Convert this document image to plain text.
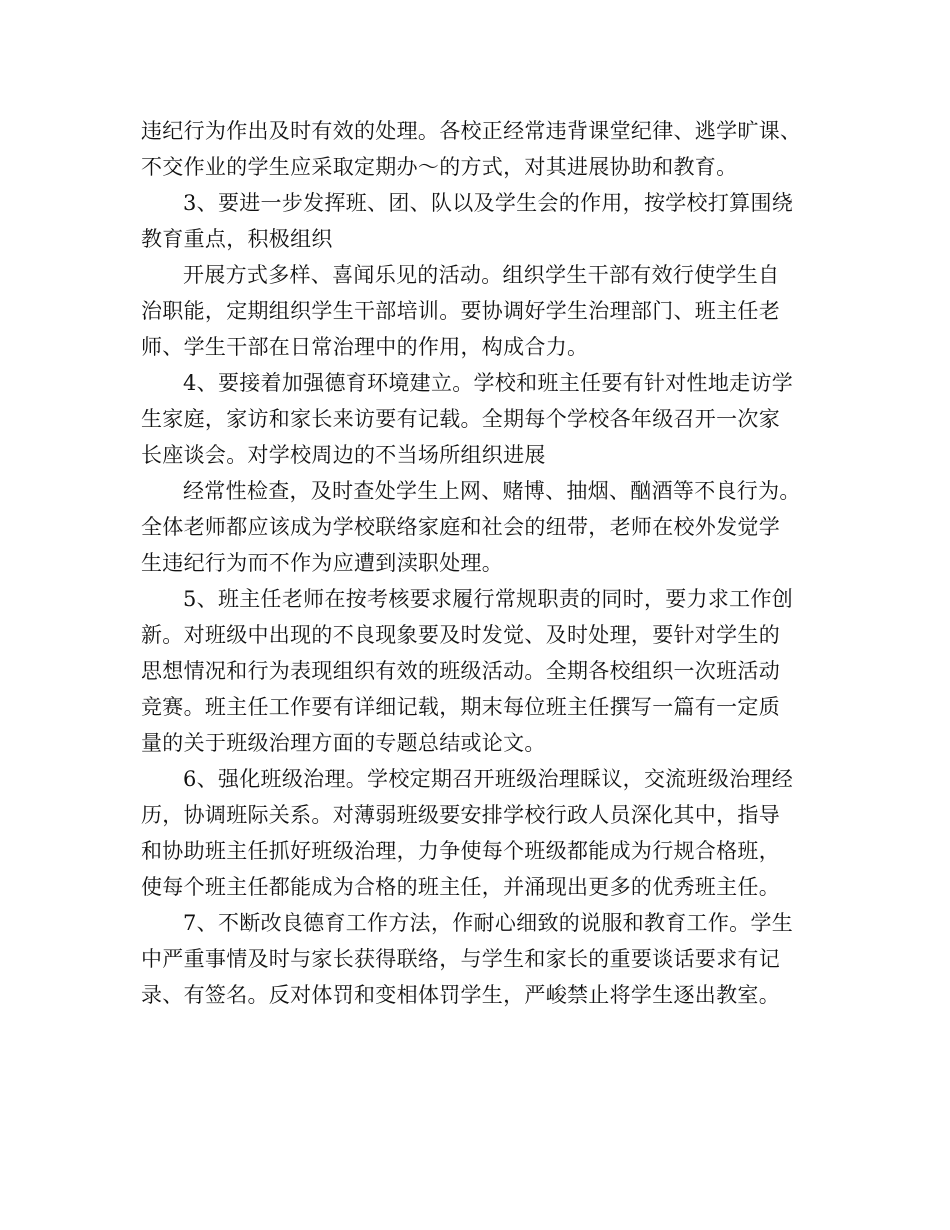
违纪行为作出及时有效的处理。各校正经常违背课堂纪律、逃学旷课、
不交作业的学生应采取定期办～的方式，对其进展协助和教育。
3、要进一步发挥班、团、队以及学生会的作用，按学校打算围绕
教育重点，积极组织
开展方式多样、喜闻乐见的活动。组织学生干部有效行使学生自
治职能，定期组织学生干部培训。要协调好学生治理部门、班主任老
师、学生干部在日常治理中的作用，构成合力。
4、要接着加强德育环境建立。学校和班主任要有针对性地走访学
生家庭，家访和家长来访要有记载。全期每个学校各年级召开一次家
长座谈会。对学校周边的不当场所组织进展
经常性检查，及时查处学生上网、赌博、抽烟、酗酒等不良行为。
全体老师都应该成为学校联络家庭和社会的纽带，老师在校外发觉学
生违纪行为而不作为应遭到渎职处理。
5、班主任老师在按考核要求履行常规职责的同时，要力求工作创
新。对班级中出现的不良现象要及时发觉、及时处理，要针对学生的
思想情况和行为表现组织有效的班级活动。全期各校组织一次班活动
竞赛。班主任工作要有详细记载，期末每位班主任撰写一篇有一定质
量的关于班级治理方面的专题总结或论文。
6、强化班级治理。学校定期召开班级治理睬议，交流班级治理经
历，协调班际关系。对薄弱班级要安排学校行政人员深化其中，指导
和协助班主任抓好班级治理，力争使每个班级都能成为行规合格班，
使每个班主任都能成为合格的班主任，并涌现出更多的优秀班主任。
7、不断改良德育工作方法，作耐心细致的说服和教育工作。学生
中严重事情及时与家长获得联络，与学生和家长的重要谈话要求有记
录、有签名。反对体罚和变相体罚学生，严峻禁止将学生逐出教室。
